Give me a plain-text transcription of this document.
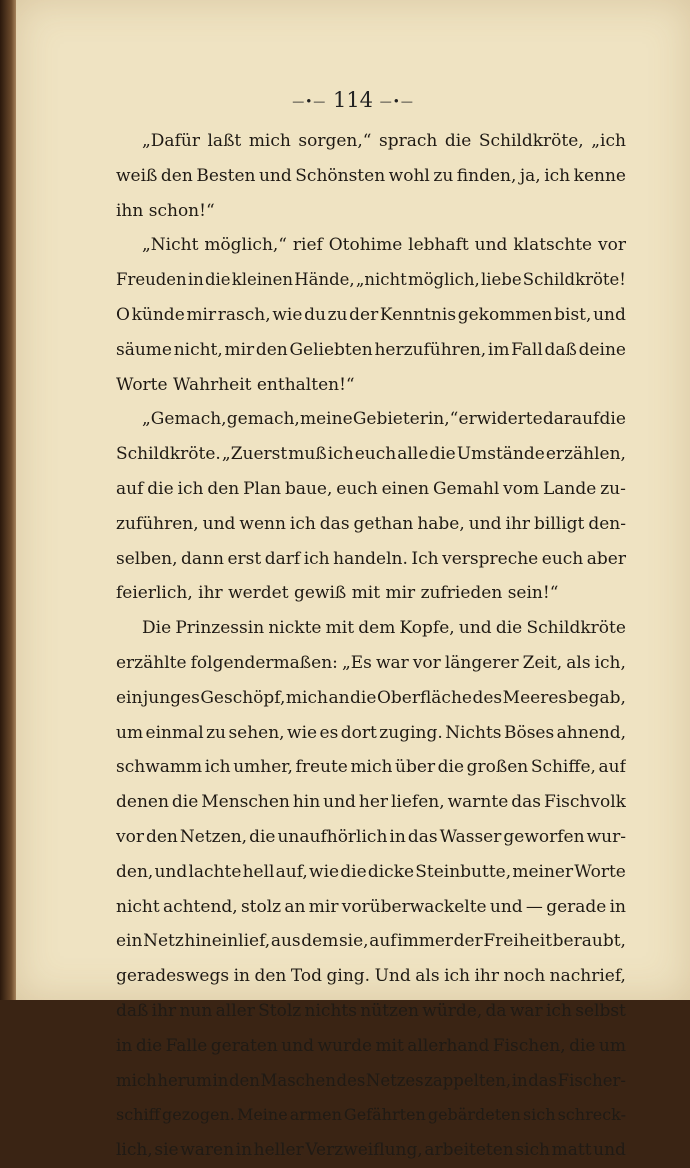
—•— 114 —•—
„Dafür laßt mich sorgen,“ sprach die Schildkröte, „ich
weiß den Besten und Schönsten wohl zu finden, ja, ich kenne
ihn schon!“
„Nicht möglich,“ rief Otohime lebhaft und klatschte vor
Freuden in die kleinen Hände, „nicht möglich, liebe Schildkröte!
O künde mir rasch, wie du zu der Kenntnis gekommen bist, und
säume nicht, mir den Geliebten herzuführen, im Fall daß deine
Worte Wahrheit enthalten!“
„Gemach, gemach, meine Gebieterin,“ erwiderte darauf die
Schildkröte. „Zuerst muß ich euch alle die Umstände erzählen,
auf die ich den Plan baue, euch einen Gemahl vom Lande zu-
zuführen, und wenn ich das gethan habe, und ihr billigt den-
selben, dann erst darf ich handeln. Ich verspreche euch aber
feierlich, ihr werdet gewiß mit mir zufrieden sein!“
Die Prinzessin nickte mit dem Kopfe, und die Schildkröte
erzählte folgendermaßen: „Es war vor längerer Zeit, als ich,
ein junges Geschöpf, mich an die Oberfläche des Meeres begab,
um einmal zu sehen, wie es dort zuging. Nichts Böses ahnend,
schwamm ich umher, freute mich über die großen Schiffe, auf
denen die Menschen hin und her liefen, warnte das Fischvolk
vor den Netzen, die unaufhörlich in das Wasser geworfen wur-
den, und lachte hell auf, wie die dicke Steinbutte, meiner Worte
nicht achtend, stolz an mir vorüberwackelte und — gerade in
ein Netz hineinlief, aus dem sie, auf immer der Freiheit beraubt,
geradeswegs in den Tod ging. Und als ich ihr noch nachrief,
daß ihr nun aller Stolz nichts nützen würde, da war ich selbst
in die Falle geraten und wurde mit allerhand Fischen, die um
mich herum in den Maschen des Netzes zappelten, in das Fischer-
schiff gezogen. Meine armen Gefährten gebärdeten sich schreck-
lich, sie waren in heller Verzweiflung, arbeiteten sich matt und
